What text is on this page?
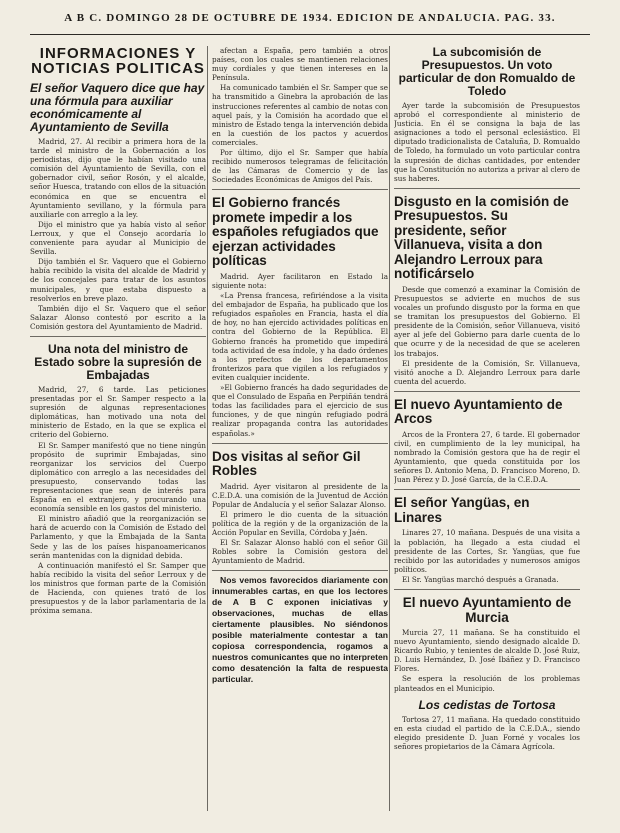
A B C. DOMINGO 28 DE OCTUBRE DE 1934. EDICION DE ANDALUCIA. PAG. 33.
INFORMACIONES Y NOTICIAS POLITICAS
El señor Vaquero dice que hay una fórmula para auxiliar económicamente al Ayuntamiento de Sevilla

Madrid, 27. Al recibir a primera hora de la tarde el ministro de la Gobernación a los periodistas, dijo que le habían visitado una comisión del Ayuntamiento de Sevilla, con el gobernador civil, señor Rosón, y el alcalde, señor Huesca, tratando con ellos de la situación económica en que se encuentra el Ayuntamiento sevillano, y la fórmula para auxiliarle con arreglo a la ley.

Dijo el ministro que ya había visto al señor Lerroux, y que el Consejo acordaría lo conveniente para ayudar al Municipio de Sevilla.

Dijo también el Sr. Vaquero que el Gobierno había recibido la visita del alcalde de Madrid y de los concejales para tratar de los asuntos municipales, y que estaba dispuesto a resolverlos en breve plazo.

También dijo el Sr. Vaquero que el señor Salazar Alonso contestó por escrito a la Comisión gestora del Ayuntamiento de Madrid.

Una nota del ministro de Estado sobre la supresión de Embajadas

Madrid, 27, 6 tarde. Las peticiones presentadas por el Sr. Samper respecto a la supresión de algunas representaciones diplomáticas, han motivado una nota del ministerio de Estado, en la que se explica el criterio del Gobierno.

El Sr. Samper manifestó que no tiene ningún propósito de suprimir Embajadas, sino reorganizar los servicios del Cuerpo diplomático con arreglo a las necesidades del presupuesto, conservando todas las representaciones que sean de interés para España en el extranjero, y procurando una economía sensible en los gastos del ministerio.

El ministro añadió que la reorganización se hará de acuerdo con la Comisión de Estado del Parlamento, y que la Embajada de la Santa Sede y las de los países hispanoamericanos serán mantenidas con la dignidad debida.

A continuación manifestó el Sr. Samper que había recibido la visita del señor Lerroux y de los ministros que forman parte de la Comisión de Hacienda, con quienes trató de los presupuestos y de la labor parlamentaria de la próxima semana.

afectan a España, pero también a otros países, con los cuales se mantienen relaciones muy cordiales y que tienen intereses en la Península.

Ha comunicado también el Sr. Samper que se ha transmitido a Ginebra la aprobación de las instrucciones referentes al cambio de notas con aquel país, y la Comisión ha acordado que el ministro de Estado tenga la intervención debida en la cuestión de los pactos y acuerdos comerciales.

Por último, dijo el Sr. Samper que había recibido numerosos telegramas de felicitación de las Cámaras de Comercio y de las Sociedades Económicas de Amigos del País.

El Gobierno francés promete impedir a los españoles refugiados que ejerzan actividades políticas

Madrid. Ayer facilitaron en Estado la siguiente nota:

«La Prensa francesa, refiriéndose a la visita del embajador de España, ha publicado que los refugiados españoles en Francia, hasta el día de hoy, no han ejercido actividades políticas en contra del Gobierno de la República. El Gobierno francés ha prometido que impedirá toda actividad de esa índole, y ha dado órdenes a los prefectos de los departamentos fronterizos para que vigilen a los refugiados y eviten cualquier incidente.

»El Gobierno francés ha dado seguridades de que el Consulado de España en Perpiñán tendrá todas las facilidades para el ejercicio de sus funciones, y de que ningún refugiado podrá realizar propaganda contra las autoridades españolas.»

Dos visitas al señor Gil Robles

Madrid. Ayer visitaron al presidente de la C.E.D.A. una comisión de la Juventud de Acción Popular de Andalucía y el señor Salazar Alonso.

El primero le dio cuenta de la situación política de la región y de la organización de la Acción Popular en Sevilla, Córdoba y Jaén.

El Sr. Salazar Alonso habló con el señor Gil Robles sobre la Comisión gestora del Ayuntamiento de Madrid.

Nos vemos favorecidos diariamente con innumerables cartas, en que los lectores de A B C exponen iniciativas y observaciones, muchas de ellas ciertamente plausibles. No siéndonos posible materialmente contestar a tan copiosa correspondencia, rogamos a nuestros comunicantes que no interpreten como desatención la falta de respuesta particular.

La subcomisión de Presupuestos. Un voto particular de don Romualdo de Toledo

Ayer tarde la subcomisión de Presupuestos aprobó el correspondiente al ministerio de Justicia. En él se consigna la baja de las asignaciones a todo el personal eclesiástico. El diputado tradicionalista de Cataluña, D. Romualdo de Toledo, ha formulado un voto particular contra la supresión de dichas cantidades, por entender que la Constitución no autoriza a privar al clero de sus haberes.

Disgusto en la comisión de Presupuestos. Su presidente, señor Villanueva, visita a don Alejandro Lerroux para notificárselo

Desde que comenzó a examinar la Comisión de Presupuestos se advierte en muchos de sus vocales un profundo disgusto por la forma en que se tramitan los presupuestos del Gobierno. El presidente de la Comisión, señor Villanueva, visitó ayer al jefe del Gobierno para darle cuenta de lo que ocurre y de la necesidad de que se aceleren los trabajos.

El presidente de la Comisión, Sr. Villanueva, visitó anoche a D. Alejandro Lerroux para darle cuenta del acuerdo.

El nuevo Ayuntamiento de Arcos

Arcos de la Frontera 27, 6 tarde. El gobernador civil, en cumplimiento de la ley municipal, ha nombrado la Comisión gestora que ha de regir el Ayuntamiento, que queda constituida por los señores D. Antonio Mena, D. Francisco Moreno, D. Juan Pérez y D. José García, de la C.E.D.A.

El señor Yangüas, en Linares

Linares 27, 10 mañana. Después de una visita a la población, ha llegado a esta ciudad el presidente de las Cortes, Sr. Yangüas, que fue recibido por las autoridades y numerosos amigos políticos.

El Sr. Yangüas marchó después a Granada.

El nuevo Ayuntamiento de Murcia

Murcia 27, 11 mañana. Se ha constituido el nuevo Ayuntamiento, siendo designado alcalde D. Ricardo Rubio, y tenientes de alcalde D. José Ruiz, D. Luis Hernández, D. José Ibáñez y D. Francisco Flores.

Se espera la resolución de los problemas planteados en el Municipio.

Los cedistas de Tortosa

Tortosa 27, 11 mañana. Ha quedado constituido en esta ciudad el partido de la C.E.D.A., siendo elegido presidente D. Juan Forné y vocales los señores propietarios de la Cámara Agrícola.
